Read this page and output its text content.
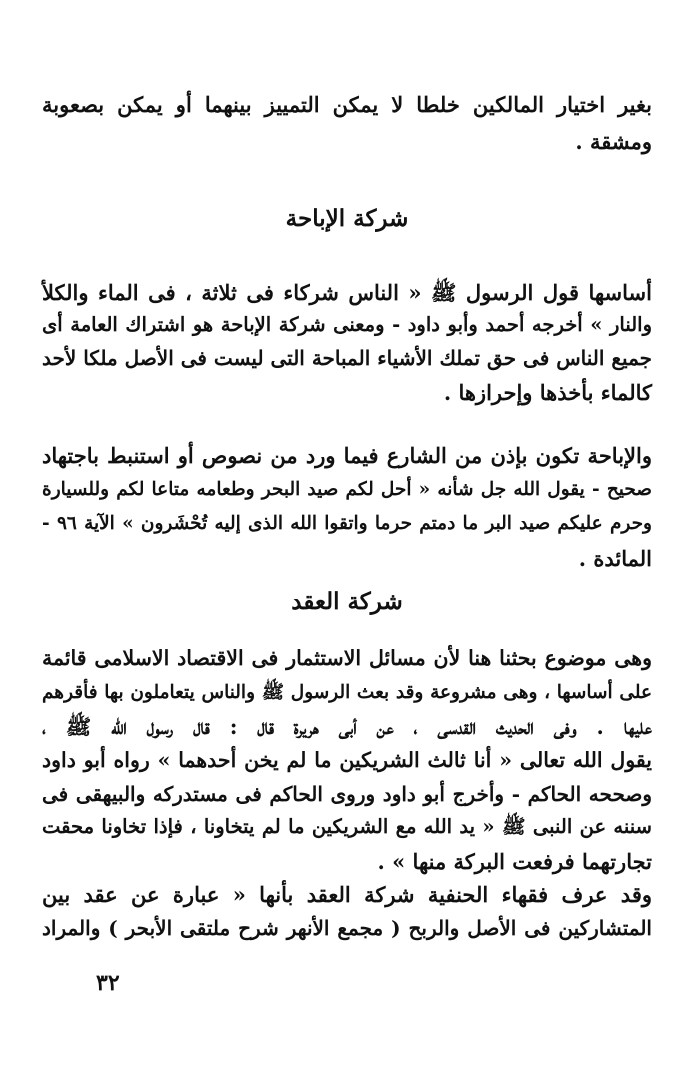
بغير اختيار المالكين خلطا لا يمكن التمييز بينهما أو يمكن بصعوبة
ومشقة .
شركة الإباحة
أساسها قول الرسول ﷺ « الناس شركاء فى ثلاثة ، فى الماء والكلأ
والنار » أخرجه أحمد وأبو داود - ومعنى شركة الإباحة هو اشتراك العامة أى
جميع الناس فى حق تملك الأشياء المباحة التى ليست فى الأصل ملكا لأحد
كالماء بأخذها وإحرازها .
والإباحة تكون بإذن من الشارع فيما ورد من نصوص أو استنبط باجتهاد
صحيح - يقول الله جل شأنه « أحل لكم صيد البحر وطعامه متاعا لكم وللسيارة
وحرم عليكم صيد البر ما دمتم حرما واتقوا الله الذى إليه تُحْشَرون » الآية ٩٦ -
المائدة .
شركة العقد
وهى موضوع بحثنا هنا لأن مسائل الاستثمار فى الاقتصاد الاسلامى قائمة
على أساسها ، وهى مشروعة وقد بعث الرسول ﷺ والناس يتعاملون بها فأقرهم
عليها . وفى الحديث القدسى ، عن أبى هريرة قال : قال رسول الله ﷺ ،
يقول الله تعالى « أنا ثالث الشريكين ما لم يخن أحدهما » رواه أبو داود
وصححه الحاكم - وأخرج أبو داود وروى الحاكم فى مستدركه والبيهقى فى
سننه عن النبى ﷺ « يد الله مع الشريكين ما لم يتخاونا ، فإذا تخاونا محقت
تجارتهما فرفعت البركة منها » .
وقد عرف فقهاء الحنفية شركة العقد بأنها « عبارة عن عقد بين
المتشاركين فى الأصل والربح ( مجمع الأنهر شرح ملتقى الأبحر ) والمراد
٣٢
